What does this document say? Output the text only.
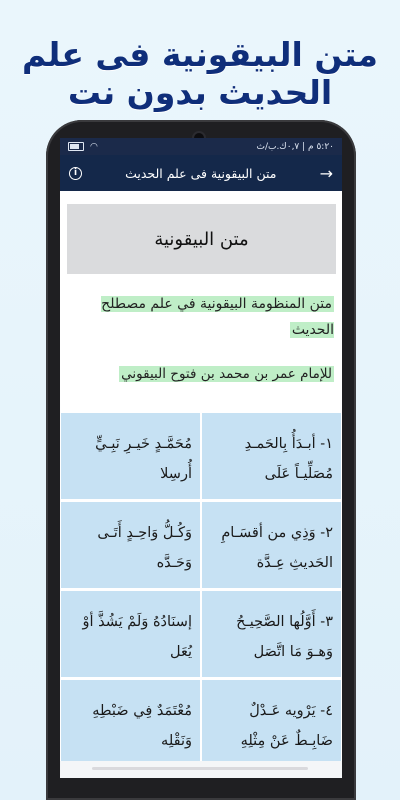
متن البيقونية فى علم
الحديث بدون نت
◠	٥:٢٠ م | ٠,٧ك.ب/ث
i	متن البيقونية فى علم الحديث	→
متن البيقونية
متن المنظومة البيقونية في علم مصطلح الحديث
للإمام عمر بن محمد بن فتوح البيقوني
١- أبـدَأُ بِالحَمـدِ مُصَلِّيـاً عَلَى
مُحَمَّـدٍ خَيـرِ نَبِـيٍّ أُرسِلا
٢- وَذِي من أقسَـامِ الحَديثِ عِـدَّة
وَكُـلُّ وَاحِـدٍ أَتَـى وَحَـدَّه
٣- أَوَّلُها الصَّحِيـحُ وَهـوَ مَا اتَّصَل
إسنَادُهُ وَلَمْ يَشُذَّ أوْ يُعَل
٤- يَرْويه عَـدْلٌ ضَابِـطٌ عَنْ مِثْلِهِ
مُعْتَمَدٌ فِي ضَبْطِهِ وَنَقْلِه
